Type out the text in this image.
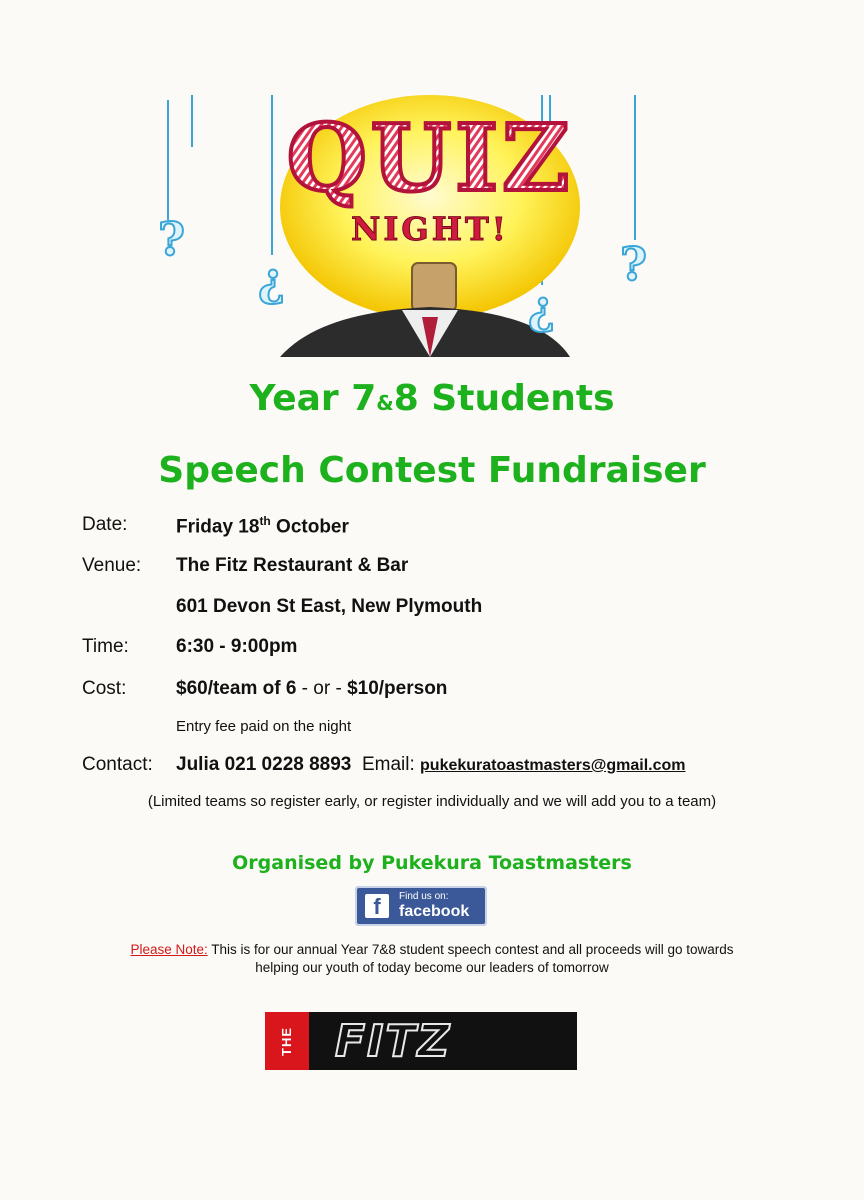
?
¿
¿
?
QUIZ
NIGHT!
Year 7&8 Students
Speech Contest Fundraiser
Date:	Friday 18th October
Venue: The Fitz Restaurant & Bar
601 Devon St East, New Plymouth
Time: 6:30 - 9:00pm
Cost:	$60/team of 6 - or - $10/person
Entry fee paid on the night
Contact: Julia 021 0228 8893 Email: pukekuratoastmasters@gmail.com
(Limited teams so register early, or register individually and we will add you to a team)
Organised by Pukekura Toastmasters
f	Find us on:
facebook
Please Note: This is for our annual Year 7&8 student speech contest and all proceeds will go towards
helping our youth of today become our leaders of tomorrow
THE FITZ
